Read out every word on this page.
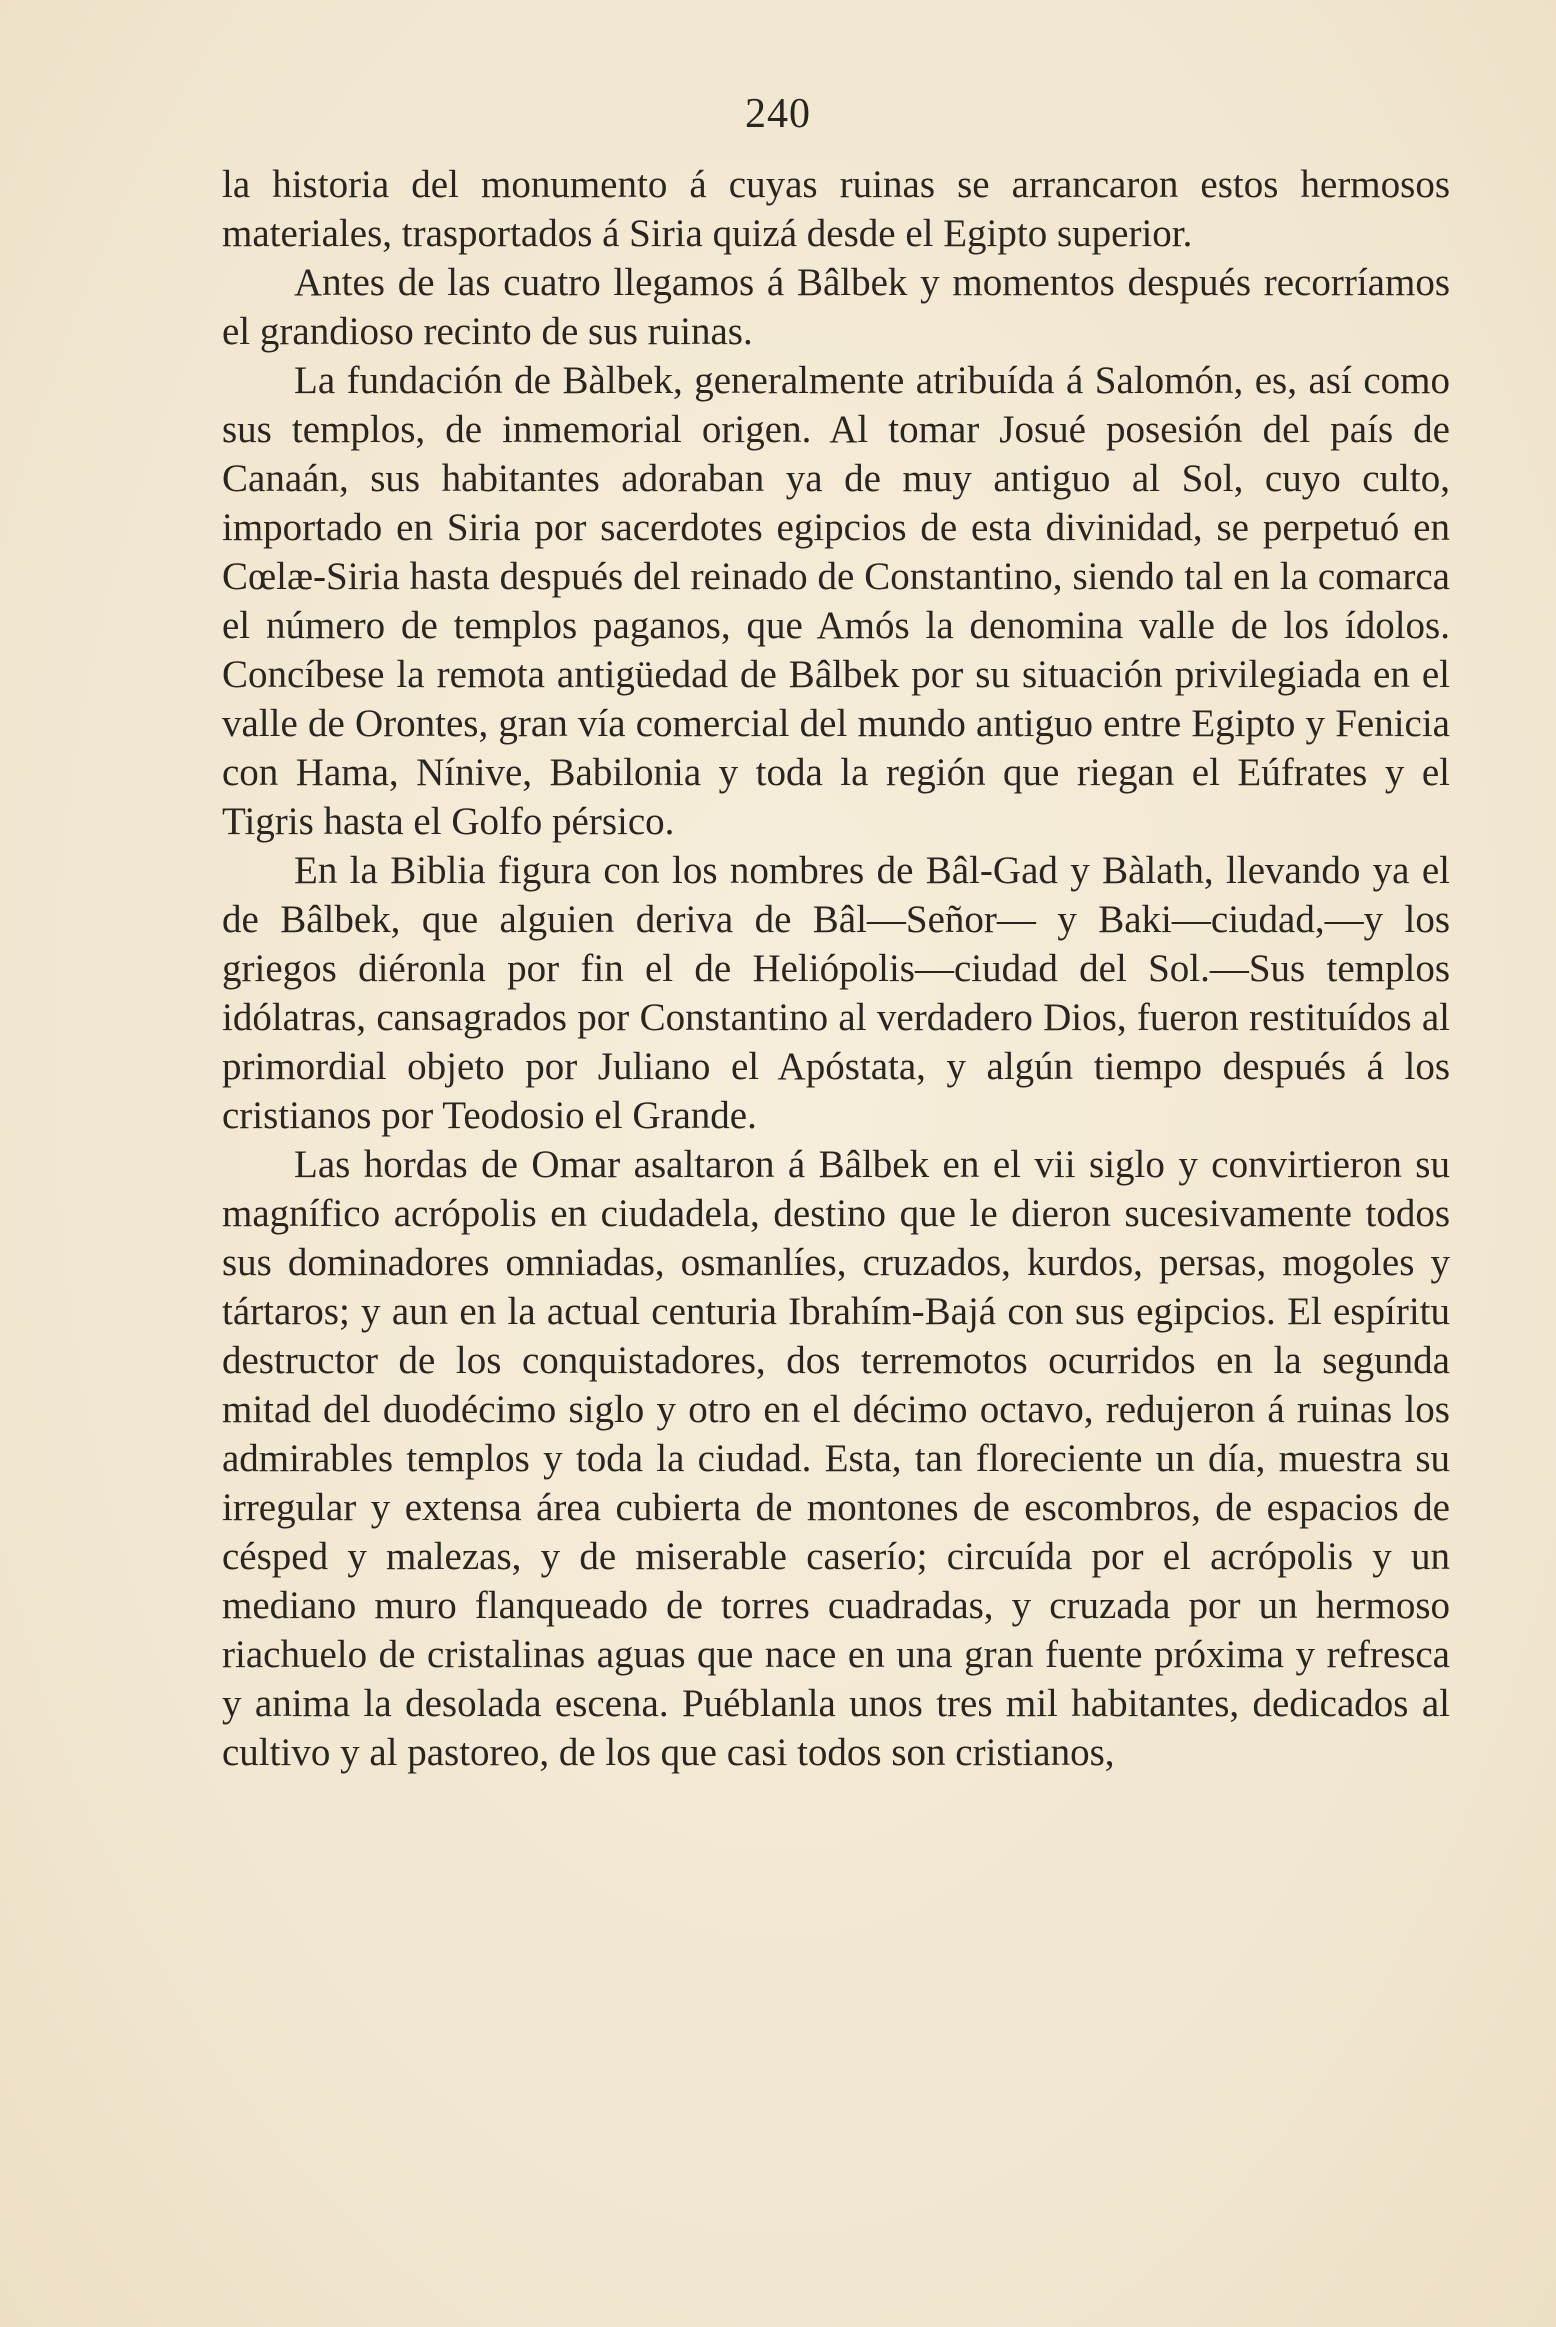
240

la historia del monumento á cuyas ruinas se arrancaron estos hermosos materiales, trasportados á Siria quizá desde el Egipto superior.

Antes de las cuatro llegamos á Bâlbek y momentos después recorríamos el grandioso recinto de sus ruinas.

La fundación de Bàlbek, generalmente atribuída á Salomón, es, así como sus templos, de inmemorial origen. Al tomar Josué posesión del país de Canaán, sus habitantes adoraban ya de muy antiguo al Sol, cuyo culto, importado en Siria por sacerdotes egipcios de esta divinidad, se perpetuó en Cœlæ-Siria hasta después del reinado de Constantino, siendo tal en la comarca el número de templos paganos, que Amós la denomina valle de los ídolos. Concíbese la remota antigüedad de Bâlbek por su situación privilegiada en el valle de Orontes, gran vía comercial del mundo antiguo entre Egipto y Fenicia con Hama, Nínive, Babilonia y toda la región que riegan el Eúfrates y el Tigris hasta el Golfo pérsico.

En la Biblia figura con los nombres de Bâl-Gad y Bàlath, llevando ya el de Bâlbek, que alguien deriva de Bâl—Señor— y Baki—ciudad,—y los griegos diéronla por fin el de Heliópolis—ciudad del Sol.—Sus templos idólatras, cansagrados por Constantino al verdadero Dios, fueron restituídos al primordial objeto por Juliano el Apóstata, y algún tiempo después á los cristianos por Teodosio el Grande.

Las hordas de Omar asaltaron á Bâlbek en el vii siglo y convirtieron su magnífico acrópolis en ciudadela, destino que le dieron sucesivamente todos sus dominadores omniadas, osmanlíes, cruzados, kurdos, persas, mogoles y tártaros; y aun en la actual centuria Ibrahím-Bajá con sus egipcios. El espíritu destructor de los conquistadores, dos terremotos ocurridos en la segunda mitad del duodécimo siglo y otro en el décimo octavo, redujeron á ruinas los admirables templos y toda la ciudad. Esta, tan floreciente un día, muestra su irregular y extensa área cubierta de montones de escombros, de espacios de césped y malezas, y de miserable caserío; circuída por el acrópolis y un mediano muro flanqueado de torres cuadradas, y cruzada por un hermoso riachuelo de cristalinas aguas que nace en una gran fuente próxima y refresca y anima la desolada escena. Puéblanla unos tres mil habitantes, dedicados al cultivo y al pastoreo, de los que casi todos son cristianos,
